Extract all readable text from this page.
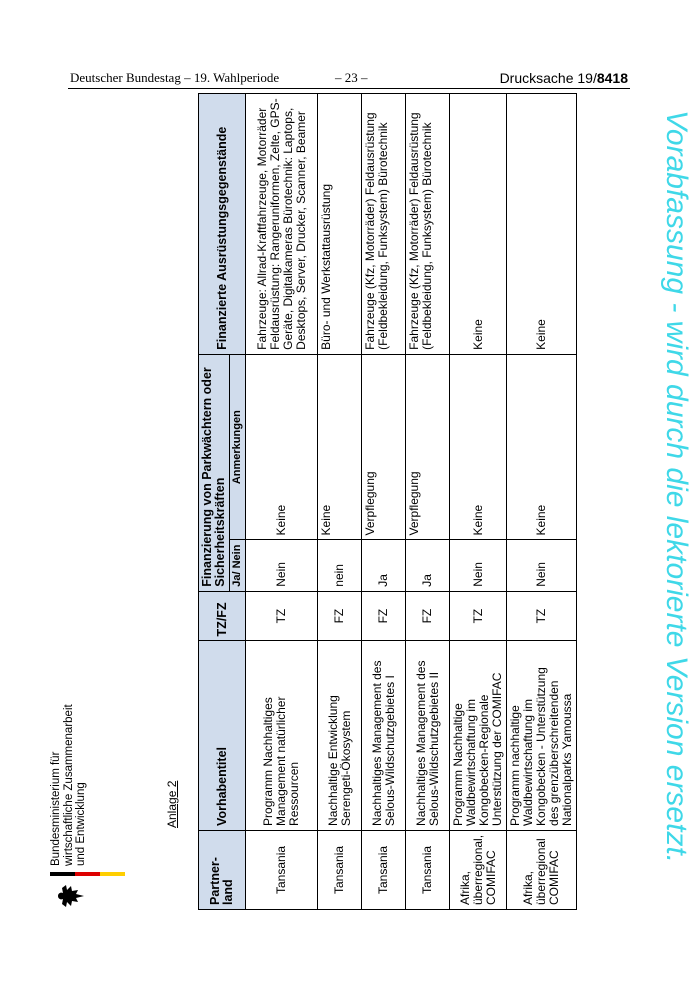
Deutscher Bundestag – 19. Wahlperiode	– 23 –	Drucksache 19/8418
Bundesministerium für wirtschaftliche Zusammenarbeit und Entwicklung	Anlage 2
Partner-land	Vorhabentitel	TZ/FZ	Finanzierung von Parkwächtern oder Sicherheitskräften		Finanzierte Ausrüstungsgegenstände
			Ja/ Nein	Anmerkungen	
Tansania	Programm Nachhaltiges Management natürlicher Ressourcen	TZ	Nein	Keine	Fahrzeuge: Allrad-Kraftfahrzeuge, Motorräder Feldausrüstung: Rangeruniformen, Zelte, GPS-Geräte, Digitalkameras Bürotechnik: Laptops, Desktops, Server, Drucker, Scanner, Beamer
Tansania	Nachhaltige Entwicklung Serengeti-Ökosystem	FZ	nein	Keine	Büro- und Werkstattausrüstung
Tansania	Nachhaltiges Management des Selous-Wildschutzgebietes I	FZ	Ja	Verpflegung	Fahrzeuge (Kfz, Motorräder) Feldausrüstung (Feldbekleidung, Funksystem) Bürotechnik
Tansania	Nachhaltiges Management des Selous-Wildschutzgebietes II	FZ	Ja	Verpflegung	Fahrzeuge (Kfz, Motorräder) Feldausrüstung (Feldbekleidung, Funksystem) Bürotechnik
Afrika, überregional, COMIFAC	Programm Nachhaltige Waldbewirtschaftung im Kongobecken-Regionale Unterstützung der COMIFAC	TZ	Nein	Keine	Keine
Afrika, überregional COMIFAC	Programm nachhaltige Waldbewirtschaftung im Kongobecken - Unterstützung des grenzüberschreitenden Nationalparks Yamoussa	TZ	Nein	Keine	Keine	Vorabfassung - wird durch die lektorierte Version ersetzt.
